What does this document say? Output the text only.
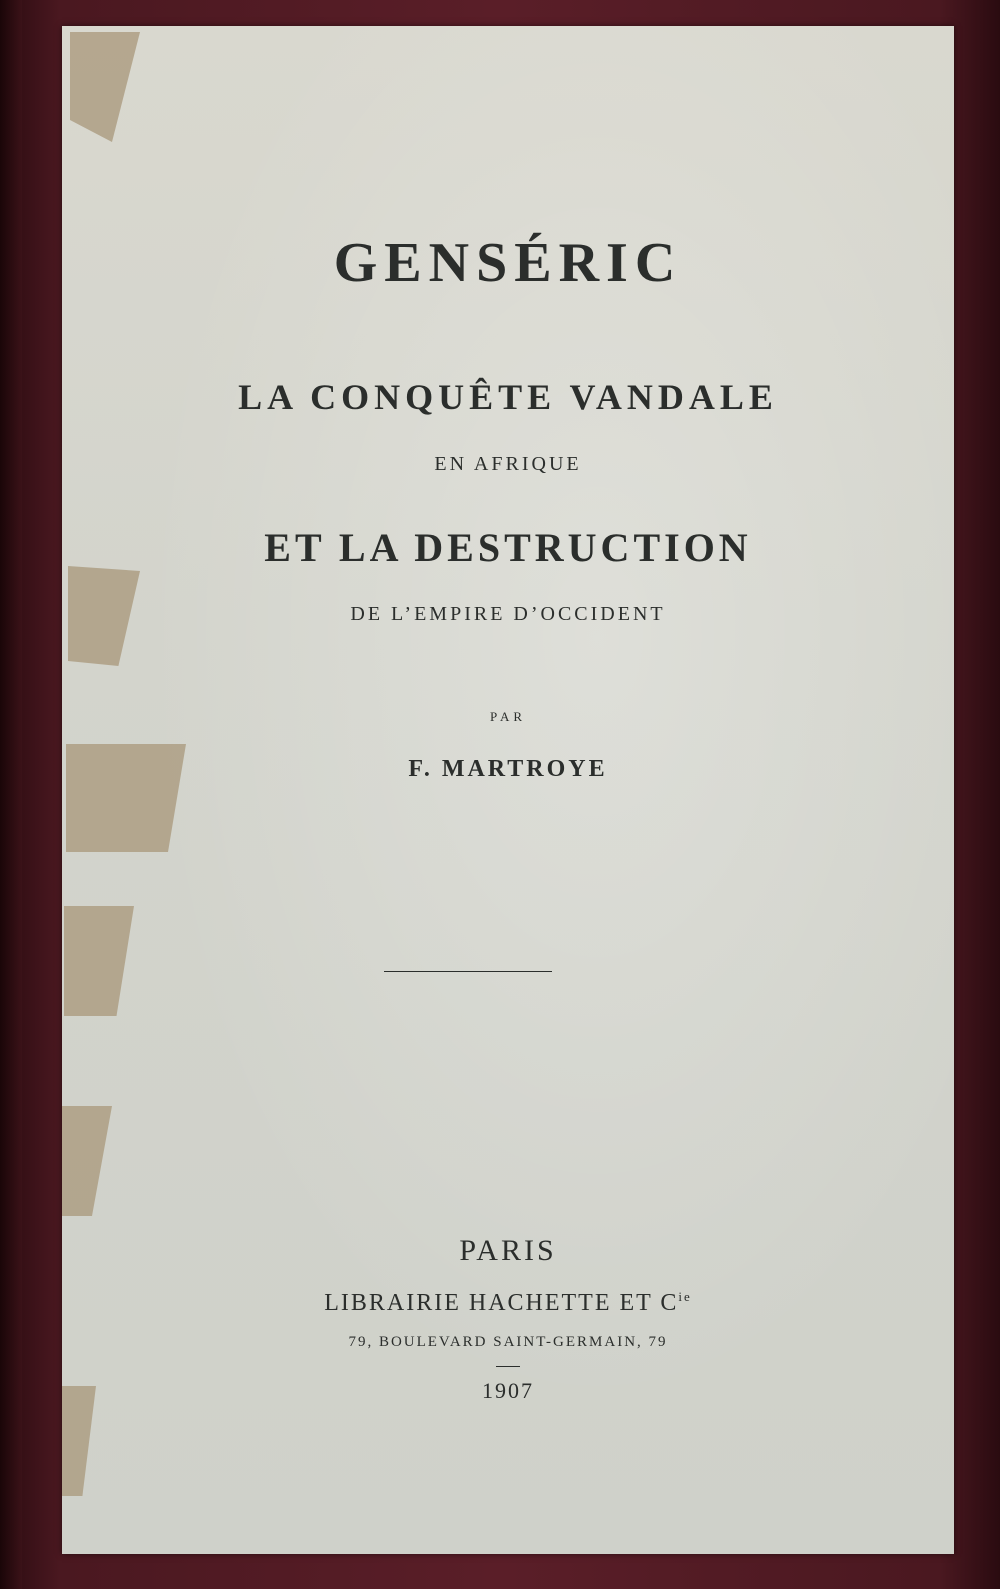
GENSÉRIC
LA CONQUÊTE VANDALE
EN AFRIQUE
ET LA DESTRUCTION
DE L’EMPIRE D’OCCIDENT
PAR
F. MARTROYE
PARIS
LIBRAIRIE HACHETTE ET $C^{ie}$
79, BOULEVARD SAINT-GERMAIN, 79
1907
